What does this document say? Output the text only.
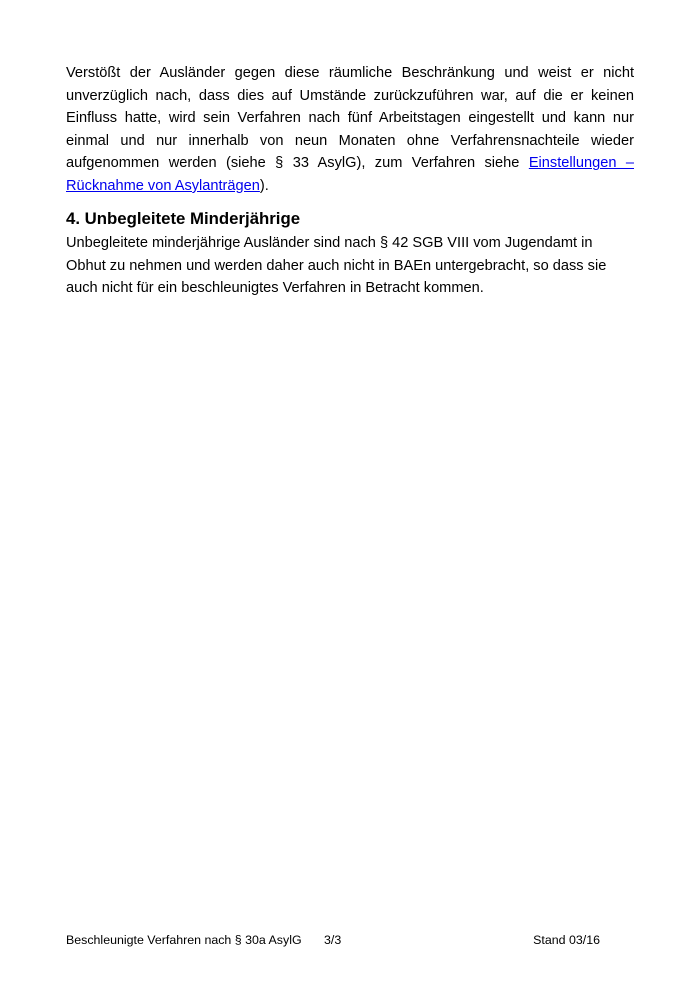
Verstößt der Ausländer gegen diese räumliche Beschränkung und weist er nicht unverzüglich nach, dass dies auf Umstände zurückzuführen war, auf die er keinen Einfluss hatte, wird sein Verfahren nach fünf Arbeitstagen eingestellt und kann nur einmal und nur innerhalb von neun Monaten ohne Verfahrensnachteile wieder aufgenommen werden (siehe § 33 AsylG), zum Verfahren siehe Einstellungen – Rücknahme von Asylanträgen).

4. Unbegleitete Minderjährige

Unbegleitete minderjährige Ausländer sind nach § 42 SGB VIII vom Jugendamt in Obhut zu nehmen und werden daher auch nicht in BAEn untergebracht, so dass sie auch nicht für ein beschleunigtes Verfahren in Betracht kommen.

Beschleunigte Verfahren nach § 30a AsylG 3/3	Stand 03/16
